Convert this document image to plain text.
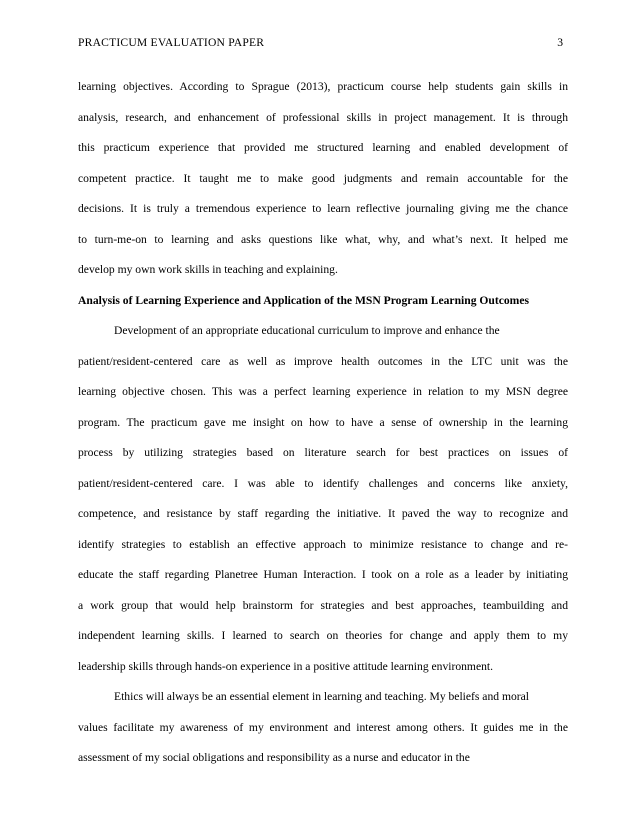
PRACTICUM EVALUATION PAPER	3
learning objectives. According to Sprague (2013), practicum course help students gain skills in
analysis, research, and enhancement of professional skills in project management. It is through
this practicum experience that provided me structured learning and enabled development of
competent practice. It taught me to make good judgments and remain accountable for the
decisions. It is truly a tremendous experience to learn reflective journaling giving me the chance
to turn-me-on to learning and asks questions like what, why, and what’s next. It helped me
develop my own work skills in teaching and explaining.
Analysis of Learning Experience and Application of the MSN Program Learning Outcomes
Development of an appropriate educational curriculum to improve and enhance the
patient/resident-centered care as well as improve health outcomes in the LTC unit was the
learning objective chosen. This was a perfect learning experience in relation to my MSN degree
program. The practicum gave me insight on how to have a sense of ownership in the learning
process by utilizing strategies based on literature search for best practices on issues of
patient/resident-centered care. I was able to identify challenges and concerns like anxiety,
competence, and resistance by staff regarding the initiative. It paved the way to recognize and
identify strategies to establish an effective approach to minimize resistance to change and re-
educate the staff regarding Planetree Human Interaction. I took on a role as a leader by initiating
a work group that would help brainstorm for strategies and best approaches, teambuilding and
independent learning skills. I learned to search on theories for change and apply them to my
leadership skills through hands-on experience in a positive attitude learning environment.
Ethics will always be an essential element in learning and teaching. My beliefs and moral
values facilitate my awareness of my environment and interest among others. It guides me in the
assessment of my social obligations and responsibility as a nurse and educator in the
